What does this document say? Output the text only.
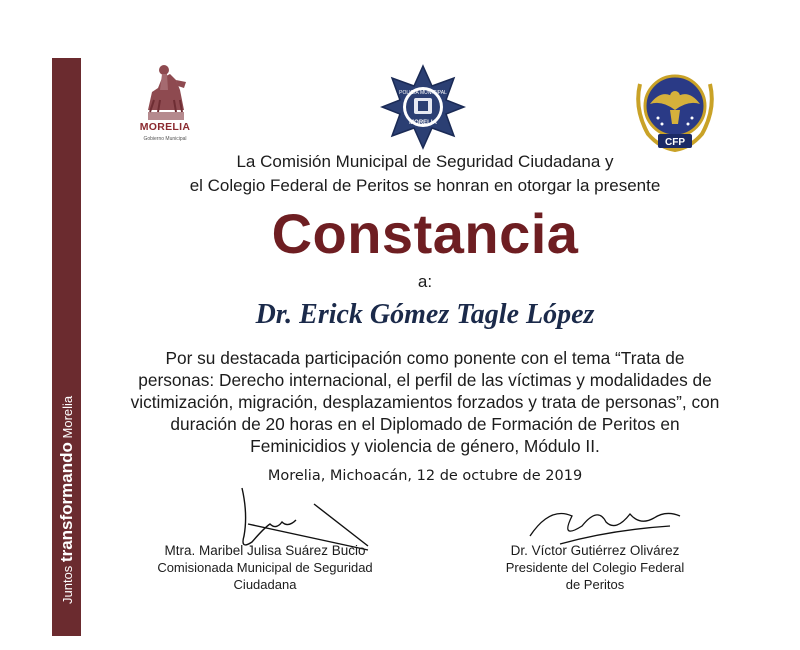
Juntos transformando Morelia
MORELIA
Gobierno Municipal
POLICÍA MUNICIPAL
MORELIA
CFP
La Comisión Municipal de Seguridad Ciudadana y
el Colegio Federal de Peritos se honran en otorgar la presente
Constancia
a:
Dr. Erick Gómez Tagle López
Por su destacada participación como ponente con el tema “Trata de
personas: Derecho internacional, el perfil de las víctimas y modalidades de
victimización, migración, desplazamientos forzados y trata de personas”, con
duración de 20 horas en el Diplomado de Formación de Peritos en
Feminicidios y violencia de género, Módulo II.
Morelia, Michoacán, 12 de octubre de 2019
Mtra. Maribel Julisa Suárez Bucio
Comisionada Municipal de Seguridad
Ciudadana
Dr. Víctor Gutiérrez Olivárez
Presidente del Colegio Federal
de Peritos
